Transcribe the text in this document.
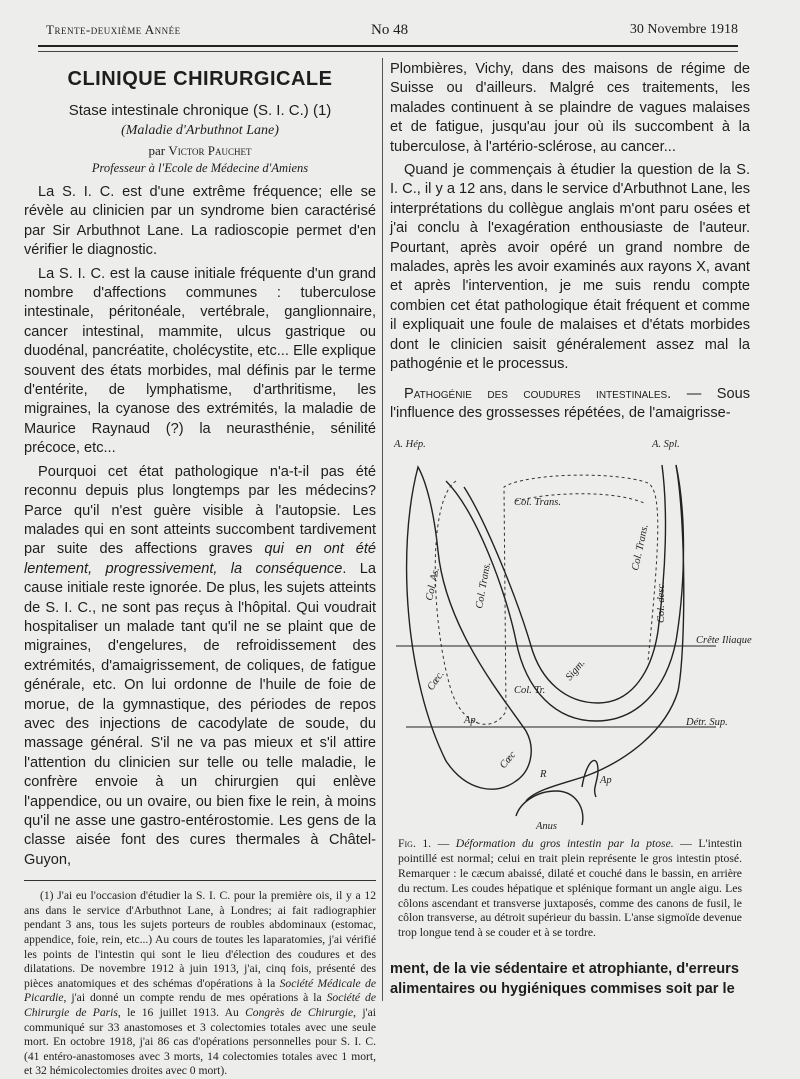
Trente-deuxième Année	No 48	30 Novembre 1918
CLINIQUE CHIRURGICALE

Stase intestinale chronique (S. I. C.) (1)

(Maladie d'Arbuthnot Lane)

par Victor Pauchet

Professeur à l'Ecole de Médecine d'Amiens

La S. I. C. est d'une extrême fréquence; elle se révèle au clinicien par un syndrome bien caractérisé par Sir Arbuthnot Lane. La radioscopie permet d'en vérifier le diagnostic.

La S. I. C. est la cause initiale fréquente d'un grand nombre d'affections communes : tuberculose intestinale, péritonéale, vertébrale, ganglionnaire, cancer intestinal, mammite, ulcus gastrique ou duodénal, pancréatite, cholécystite, etc... Elle explique souvent des états morbides, mal définis par le terme d'entérite, de lymphatisme, d'arthritisme, les migraines, la cyanose des extrémités, la maladie de Maurice Raynaud (?) la neurasthénie, sénilité précoce, etc...

Pourquoi cet état pathologique n'a-t-il pas été reconnu depuis plus longtemps par les médecins? Parce qu'il n'est guère visible à l'autopsie. Les malades qui en sont atteints succombent tardivement par suite des affections graves qui en ont été lentement, progressivement, la conséquence. La cause initiale reste ignorée. De plus, les sujets atteints de S. I. C., ne sont pas reçus à l'hôpital. Qui voudrait hospitaliser un malade tant qu'il ne se plaint que de migraines, d'engelures, de refroidissement des extrémités, d'amaigrissement, de coliques, de fatigue générale, etc. On lui ordonne de l'huile de foie de morue, de la gymnastique, des périodes de repos avec des injections de cacodylate de soude, du massage général. S'il ne va pas mieux et s'il attire l'attention du clinicien sur telle ou telle maladie, le confrère envoie à un chirurgien qui enlève l'appendice, ou un ovaire, ou bien fixe le rein, à moins qu'il ne asse une gastro-entérostomie. Les gens de la classe aisée font des cures thermales à Châtel-Guyon,

(1) J'ai eu l'occasion d'étudier la S. I. C. pour la première ois, il y a 12 ans dans le service d'Arbuthnot Lane, à Londres; ai fait radiographier pendant 3 ans, tous les sujets porteurs de roubles abdominaux (estomac, appendice, foie, rein, etc...) Au cours de toutes les laparatomies, j'ai vérifié les points de l'intestin qui sont le lieu d'élection des coudures et des dilatations. De novembre 1912 à juin 1913, j'ai, cinq fois, présenté des pièces anatomiques et des schémas d'opérations à la Société Médicale de Picardie, j'ai donné un compte rendu de mes opérations à la Société de Chirurgie de Paris, le 16 juillet 1913. Au Congrès de Chirurgie, j'ai communiqué sur 33 anastomoses et 3 colectomies totales avec une seule mort. En octobre 1918, j'ai 86 cas d'opérations personnelles pour S. I. C. (41 entéro-anastomoses avec 3 morts, 14 colectomies totales avec 1 mort, et 32 hémicolectomies droites avec 0 mort).

Plombières, Vichy, dans des maisons de régime de Suisse ou d'ailleurs. Malgré ces traitements, les malades continuent à se plaindre de vagues malaises et de fatigue, jusqu'au jour où ils succombent à la tuberculose, à l'artério-sclérose, au cancer...

Quand je commençais à étudier la question de la S. I. C., il y a 12 ans, dans le service d'Arbuthnot Lane, les interprétations du collègue anglais m'ont paru osées et j'ai conclu à l'exagération enthousiaste de l'auteur. Pourtant, après avoir opéré un grand nombre de malades, après les avoir examinés aux rayons X, avant et après l'intervention, je me suis rendu compte combien cet état pathologique était fréquent et comme il expliquait une foule de malaises et d'états morbides dont le clinicien saisit généralement assez mal la pathogénie et le processus.

Pathogénie des coudures intestinales. — Sous l'influence des grossesses répétées, de l'amaigrisse-

A. Hép.	A. Spl.
Col. Trans.
Col. As.	Col. Trans.
Col. Trans.
Col. desc.
Crête Iliaque
Sigm.
Cœc.	Col. Tr.
Ap.	Détr. Sup.
Cœc
R
Ap
Anus

Fig. 1. — Déformation du gros intestin par la ptose. — L'intestin pointillé est normal; celui en trait plein représente le gros intestin ptosé. Remarquer : le cæcum abaissé, dilaté et couché dans le bassin, en arrière du rectum. Les coudes hépatique et splénique formant un angle aigu. Les côlons ascendant et transverse juxtaposés, comme des canons de fusil, le côlon transverse, au détroit supérieur du bassin. L'anse sigmoïde devenue trop longue tend à se couder et à se tordre.

ment, de la vie sédentaire et atrophiante, d'erreurs alimentaires ou hygiéniques commises soit par le
